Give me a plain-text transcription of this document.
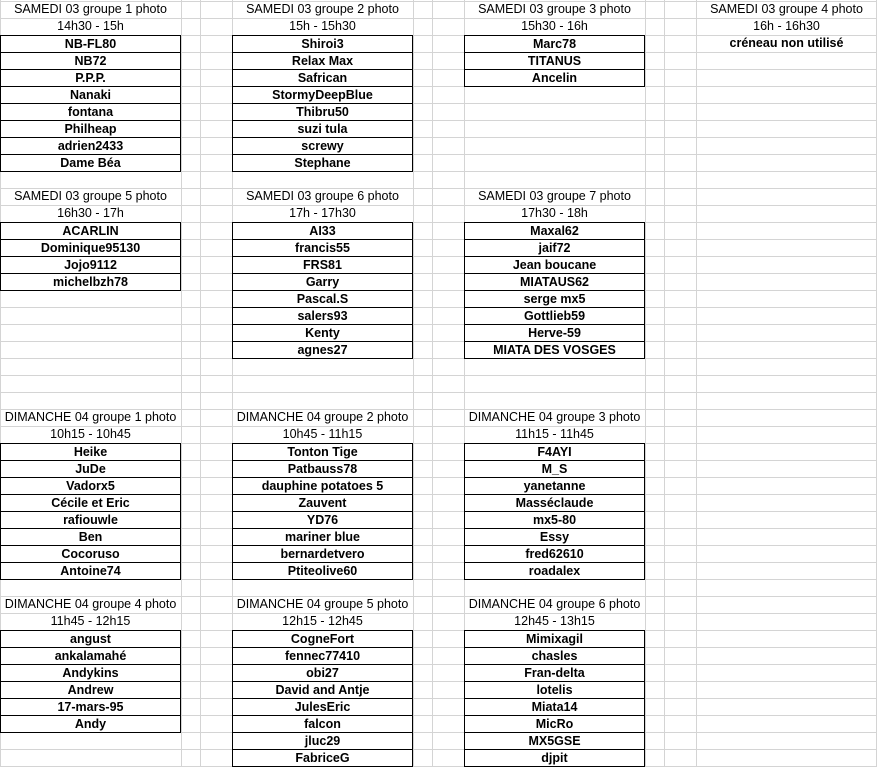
SAMEDI 03 groupe 1 photo
14h30 - 15h
NB-FL80
NB72
P.P.P.
Nanaki
fontana
Philheap
adrien2433
Dame Béa
SAMEDI 03 groupe 2 photo
15h - 15h30
Shiroi3
Relax Max
Safrican
StormyDeepBlue
Thibru50
suzi tula
screwy
Stephane
SAMEDI 03 groupe 3 photo
15h30 - 16h
Marc78
TITANUS
Ancelin
SAMEDI 03 groupe 4 photo
16h - 16h30
créneau non utilisé
SAMEDI 03 groupe 5 photo
16h30 - 17h
ACARLIN
Dominique95130
Jojo9112
michelbzh78
SAMEDI 03 groupe 6 photo
17h - 17h30
AI33
francis55
FRS81
Garry
Pascal.S
salers93
Kenty
agnes27
SAMEDI 03 groupe 7 photo
17h30 - 18h
Maxal62
jaif72
Jean boucane
MIATAUS62
serge mx5
Gottlieb59
Herve-59
MIATA DES VOSGES
DIMANCHE 04 groupe 1 photo
10h15 - 10h45
Heike
JuDe
Vadorx5
Cécile et Eric
rafiouwle
Ben
Cocoruso
Antoine74
DIMANCHE 04 groupe 2 photo
10h45 - 11h15
Tonton Tige
Patbauss78
dauphine potatoes 5
Zauvent
YD76
mariner blue
bernardetvero
Ptiteolive60
DIMANCHE 04 groupe 3 photo
11h15 - 11h45
F4AYI
M_S
yanetanne
Masséclaude
mx5-80
Essy
fred62610
roadalex
DIMANCHE 04 groupe 4 photo
11h45 - 12h15
angust
ankalamahé
Andykins
Andrew
17-mars-95
Andy
DIMANCHE 04 groupe 5 photo
12h15 - 12h45
CogneFort
fennec77410
obi27
David and Antje
JulesEric
falcon
jluc29
FabriceG
DIMANCHE 04 groupe 6 photo
12h45 - 13h15
Mimixagil
chasles
Fran-delta
lotelis
Miata14
MicRo
MX5GSE
djpit
